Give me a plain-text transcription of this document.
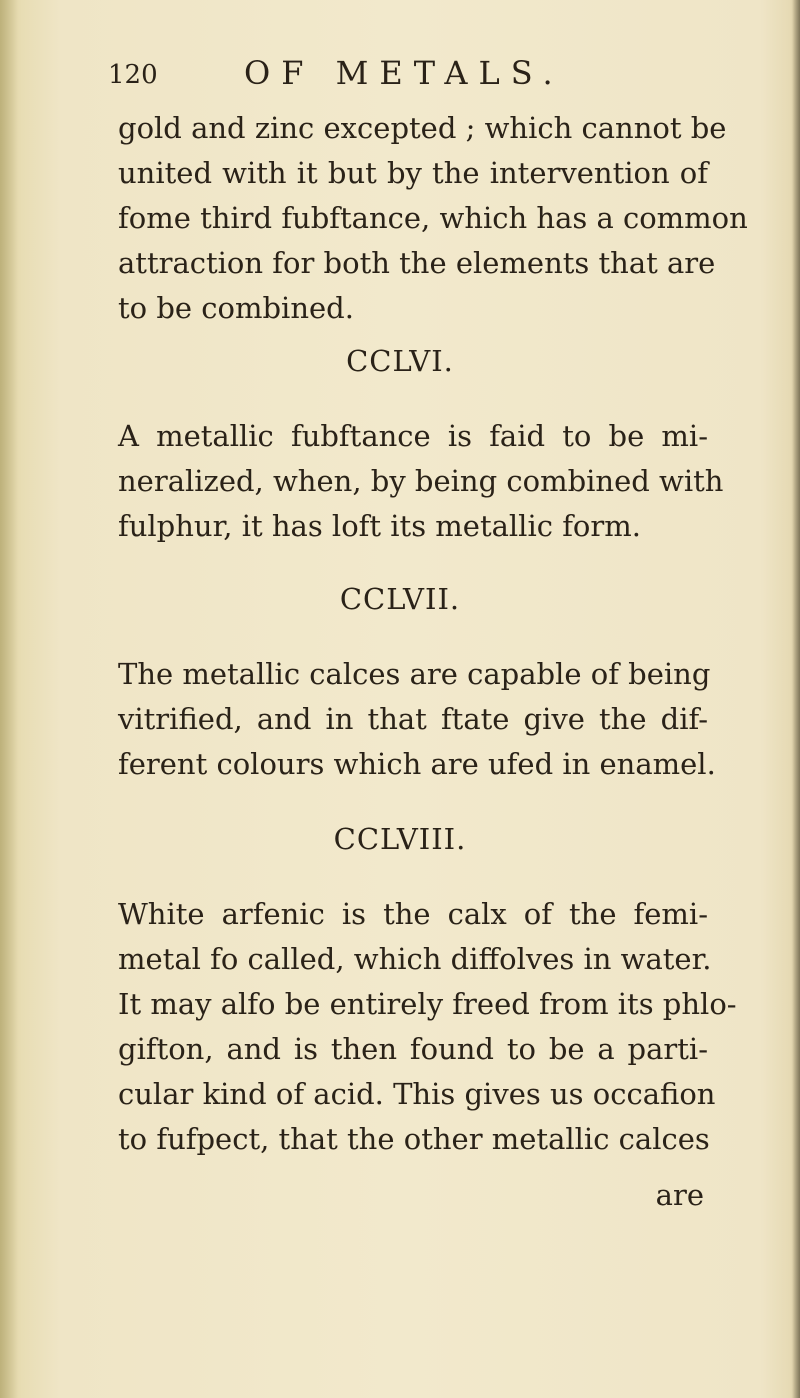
120	OF METALS.
gold and zinc excepted ; which cannot be
united with it but by the intervention of
fome third fubftance, which has a common
attraction for both the elements that are
to be combined.
CCLVI.
A metallic fubftance is faid to be mi-
neralized, when, by being combined with
fulphur, it has loft its metallic form.
CCLVII.
The metallic calces are capable of being
vitrified, and in that ftate give the dif-
ferent colours which are ufed in enamel.
CCLVIII.
White arfenic is the calx of the femi-
metal fo called, which diffolves in water.
It may alfo be entirely freed from its phlo-
gifton, and is then found to be a parti-
cular kind of acid. This gives us occafion
to fufpect, that the other metallic calces
are
